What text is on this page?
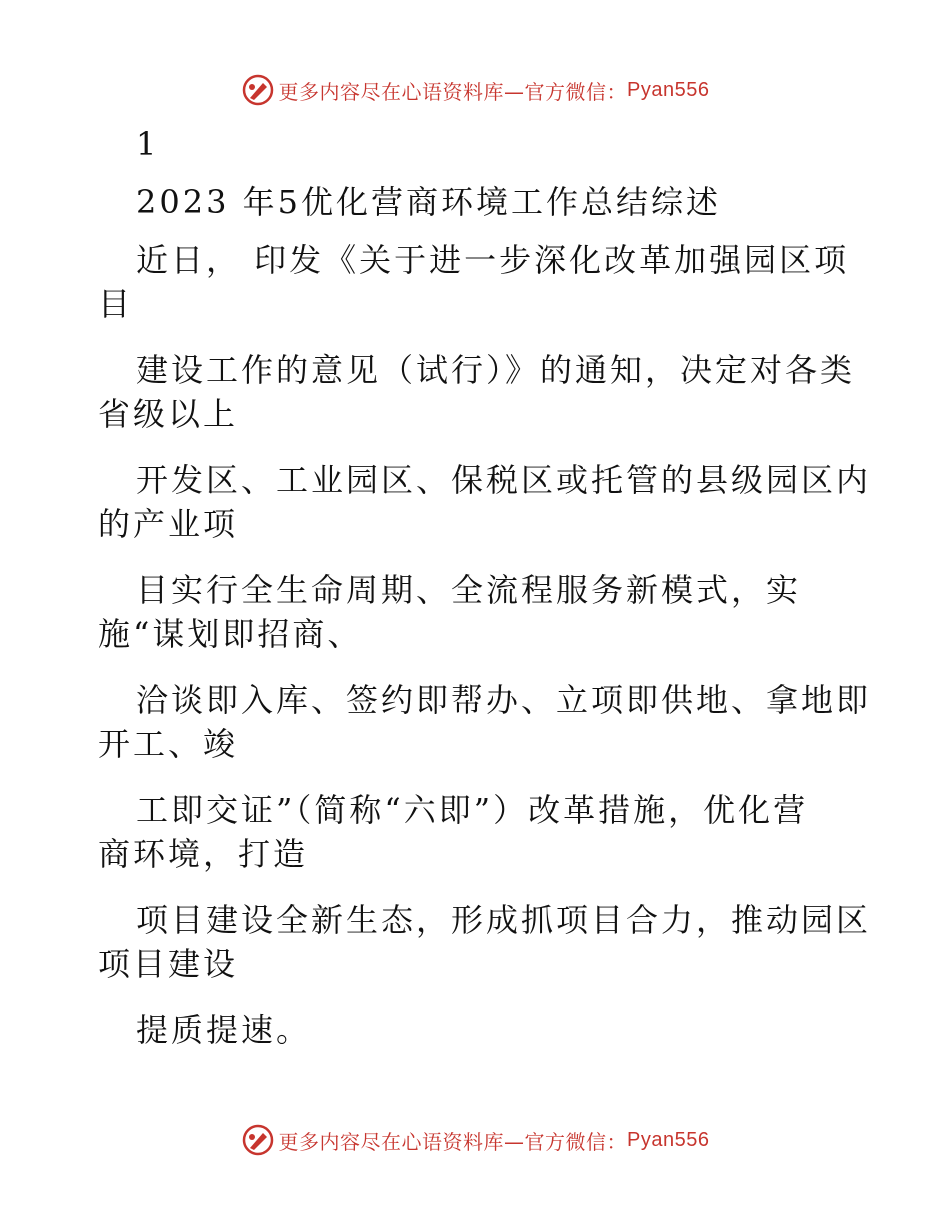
更多内容尽在心语资料库—官方微信： Pyan556
1
2023 年5优化营商环境工作总结综述
近日， 印发《关于进一步深化改革加强园区项
目
建设工作的意见（试行）》的通知，决定对各类
省级以上
开发区、工业园区、保税区或托管的县级园区内
的产业项
目实行全生命周期、全流程服务新模式，实
施“谋划即招商、
洽谈即入库、签约即帮办、立项即供地、拿地即
开工、竣
工即交证”（简称“六即”）改革措施，优化营
商环境，打造
项目建设全新生态，形成抓项目合力，推动园区
项目建设
提质提速。
更多内容尽在心语资料库—官方微信： Pyan556
